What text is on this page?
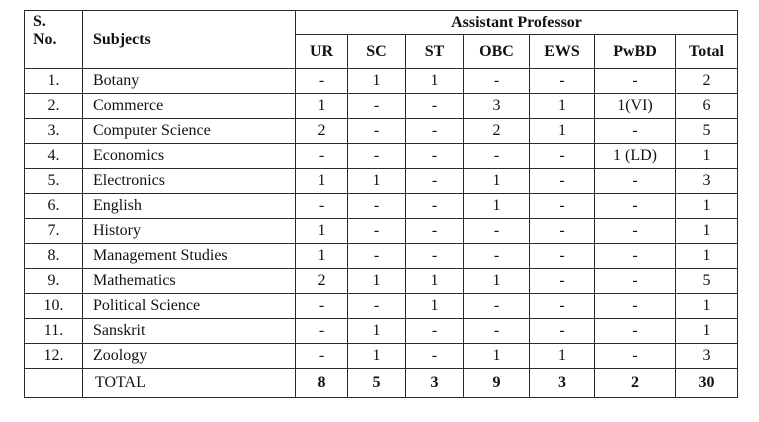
S.
No.	Subjects	Assistant Professor						
		UR	SC	ST	OBC	EWS	PwBD	Total
1.	Botany	-	1	1	-	-	-	2
2.	Commerce	1	-	-	3	1	1(VI)	6
3.	Computer Science	2	-	-	2	1	-	5
4.	Economics	-	-	-	-	-	1 (LD)	1
5.	Electronics	1	1	-	1	-	-	3
6.	English	-	-	-	1	-	-	1
7.	History	1	-	-	-	-	-	1
8.	Management Studies	1	-	-	-	-	-	1
9.	Mathematics	2	1	1	1	-	-	5
10.	Political Science	-	-	1	-	-	-	1
11.	Sanskrit	-	1	-	-	-	-	1
12.	Zoology	-	1	-	1	1	-	3
	TOTAL	8	5	3	9	3	2	30
